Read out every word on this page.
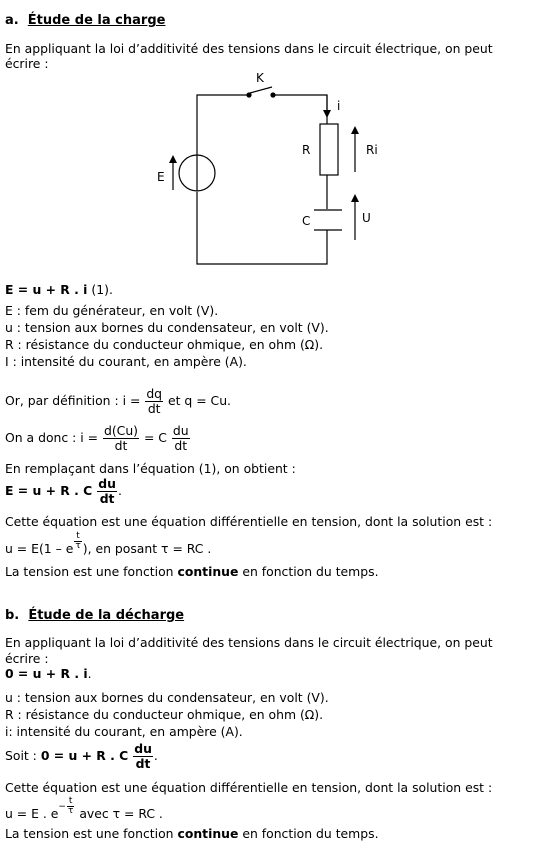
a. Étude de la charge
En appliquant la loi d’additivité des tensions dans le circuit électrique, on peut
écrire :
K
i
R	Ri
E
C	U
E = u + R . i (1).
E : fem du générateur, en volt (V).
u : tension aux bornes du condensateur, en volt (V).
R : résistance du conducteur ohmique, en ohm (Ω).
I : intensité du courant, en ampère (A).
Or, par définition : $i = \frac{dq}{dt}$ et q = Cu.
On a donc : $i = \frac{d(Cu)}{dt} = C \frac{du}{dt}$
En remplaçant dans l’équation (1), on obtient :
E = u + R . C $\frac{du}{dt}$ .
Cette équation est une équation différentielle en tension, dont la solution est :
u = E(1 – e $\frac{t}{\tau}$ ), en posant τ = RC .
La tension est une fonction continue en fonction du temps.
b. Étude de la décharge
En appliquant la loi d’additivité des tensions dans le circuit électrique, on peut
écrire :
0 = u + R . i.
u : tension aux bornes du condensateur, en volt (V).
R : résistance du conducteur ohmique, en ohm (Ω).
i: intensité du courant, en ampère (A).
Soit : 0 = u + R . C $\frac{du}{dt}$ .
Cette équation est une équation différentielle en tension, dont la solution est :
u = E . $e- \frac{t}{\tau}$ avec τ = RC .
La tension est une fonction continue en fonction du temps.
